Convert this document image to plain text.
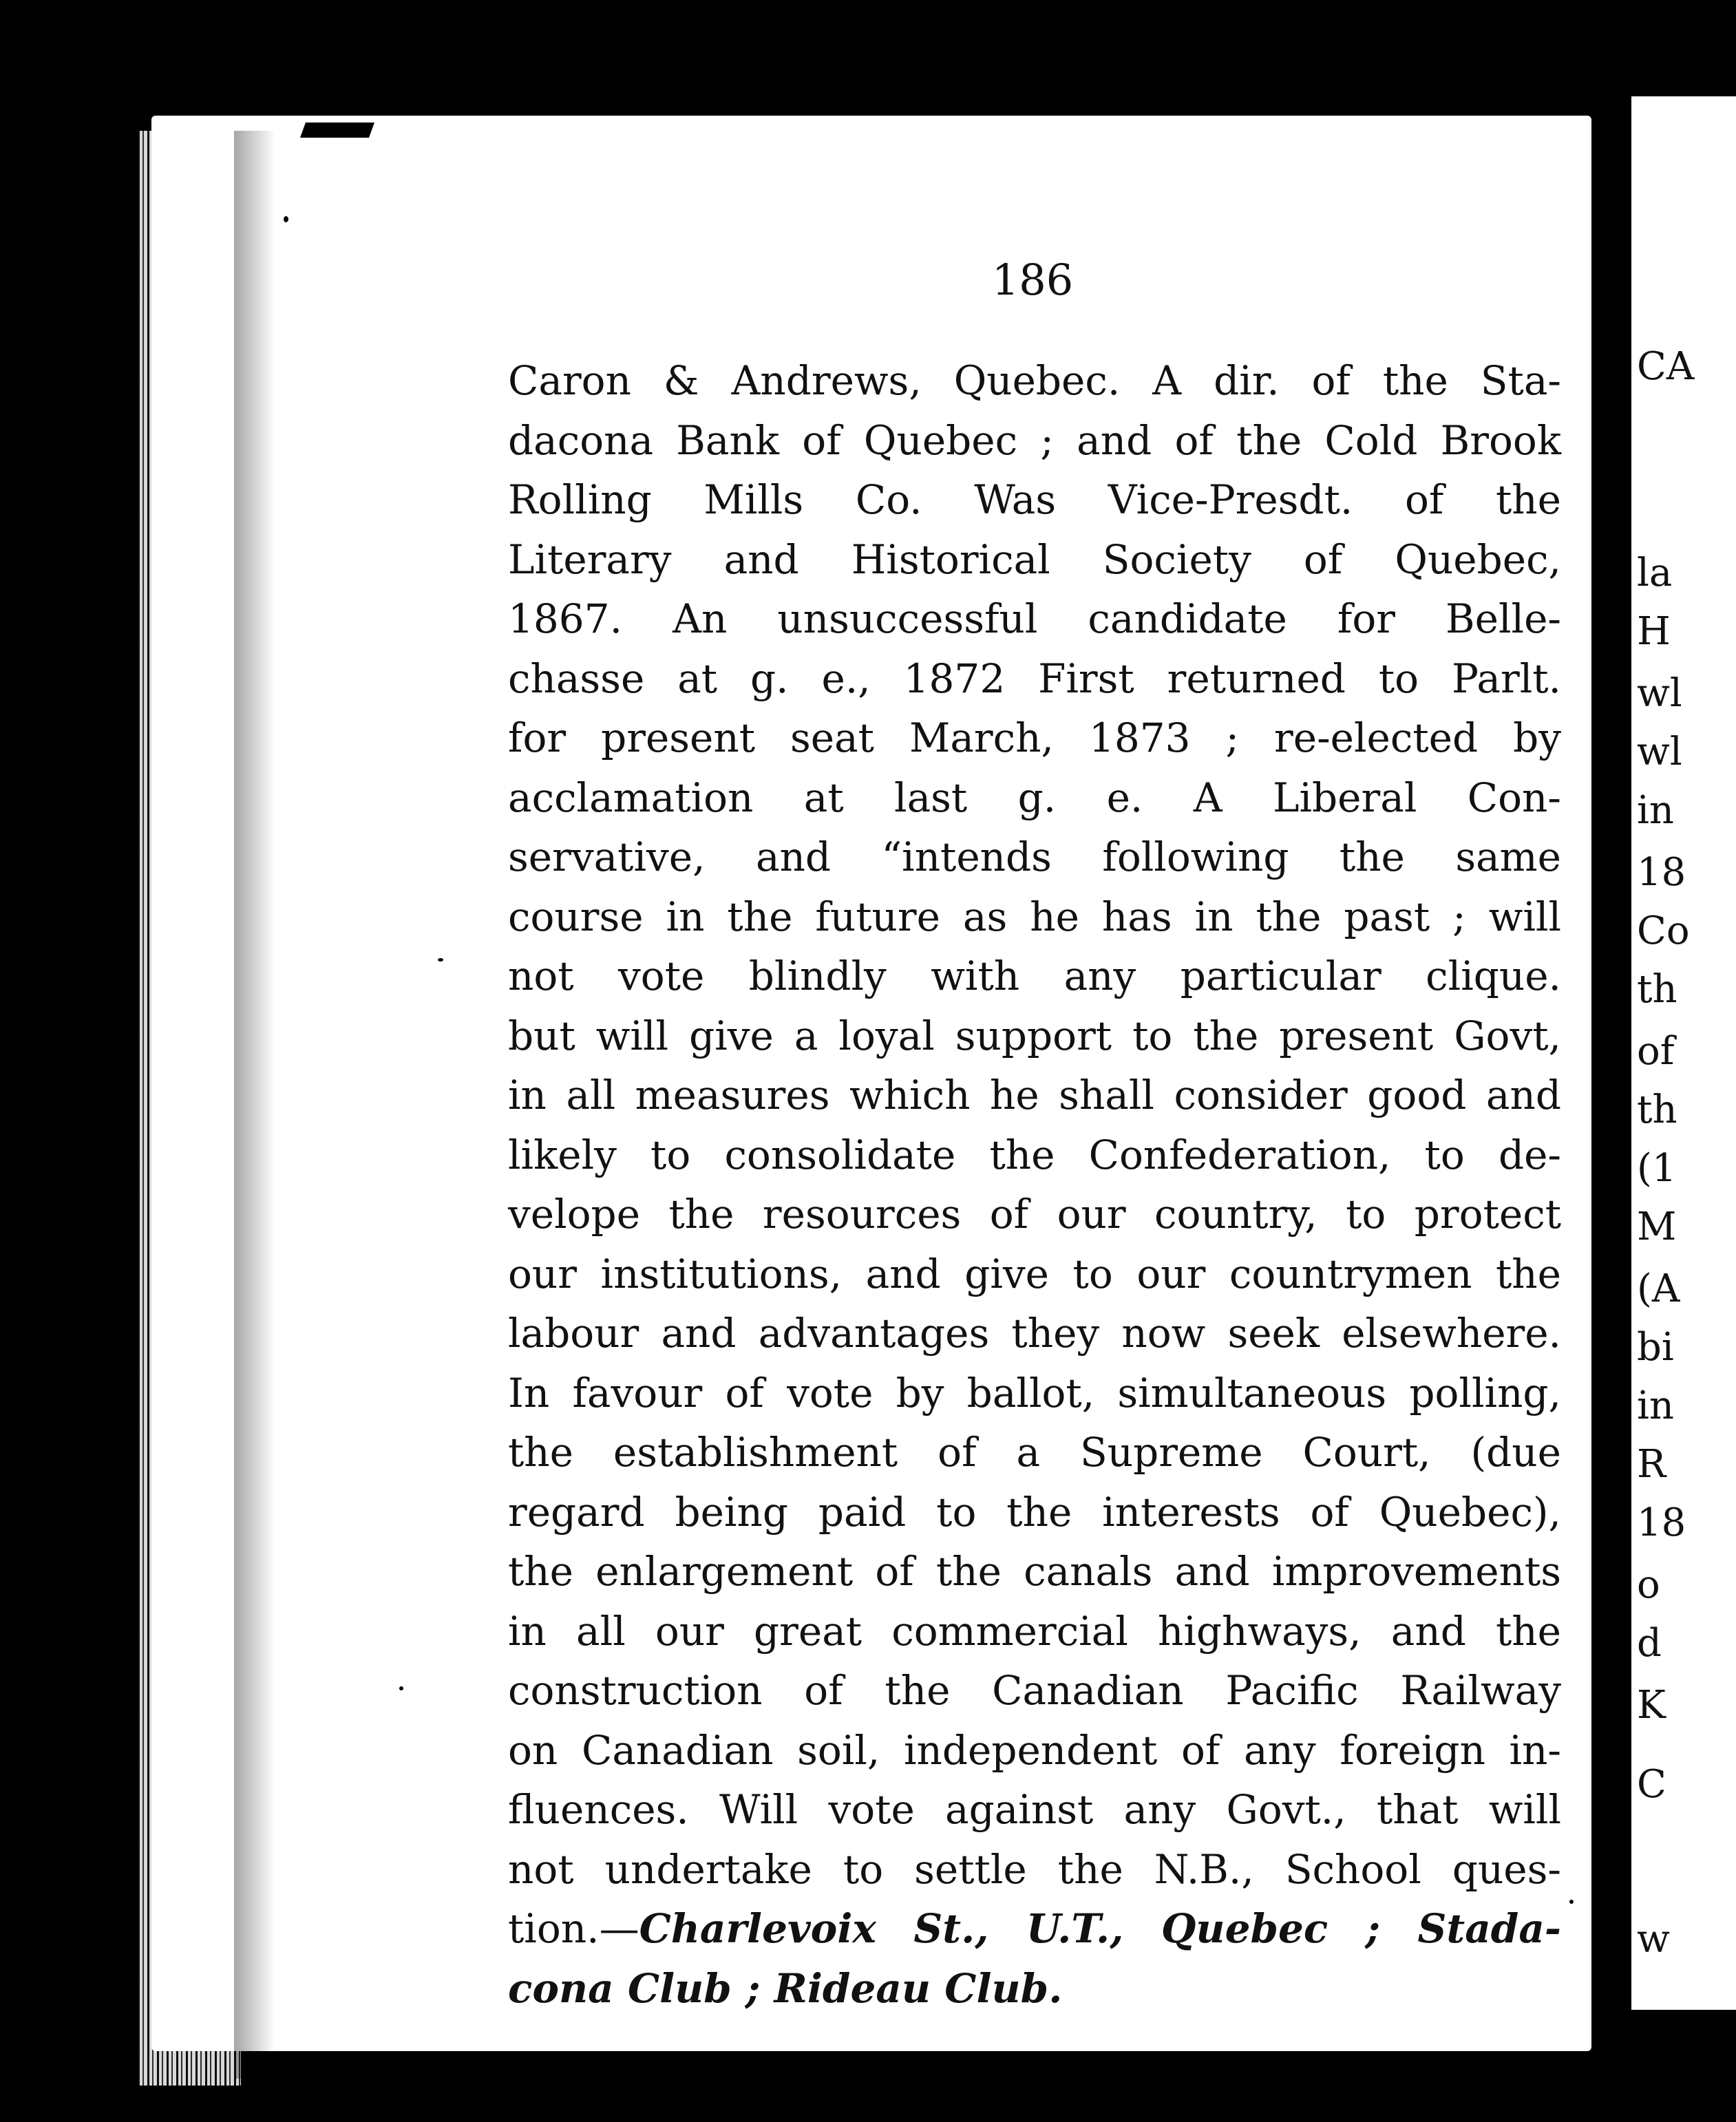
186
Caron & Andrews, Quebec. A dir. of the Sta-
dacona Bank of Quebec ; and of the Cold Brook
Rolling Mills Co. Was Vice-Presdt. of the
Literary and Historical Society of Quebec,
1867. An unsuccessful candidate for Belle-
chasse at g. e., 1872 First returned to Parlt.
for present seat March, 1873 ; re-elected by
acclamation at last g. e. A Liberal Con-
servative, and “intends following the same
course in the future as he has in the past ; will
not vote blindly with any particular clique.
but will give a loyal support to the present Govt,
in all measures which he shall consider good and
likely to consolidate the Confederation, to de-
velope the resources of our country, to protect
our institutions, and give to our countrymen the
labour and advantages they now seek elsewhere.
In favour of vote by ballot, simultaneous polling,
the establishment of a Supreme Court, (due
regard being paid to the interests of Quebec),
the enlargement of the canals and improvements
in all our great commercial highways, and the
construction of the Canadian Pacific Railway
on Canadian soil, independent of any foreign in-
fluences. Will vote against any Govt., that will
not undertake to settle the N.B., School ques-
tion.—Charlevoix St., U.T., Quebec ; Stada-
cona Club ; Rideau Club.
CA
la
H
wl
wl
in
18
Co
th
of
th
(1
M
(A
bi
in
R
18
o
d
K
C
w
